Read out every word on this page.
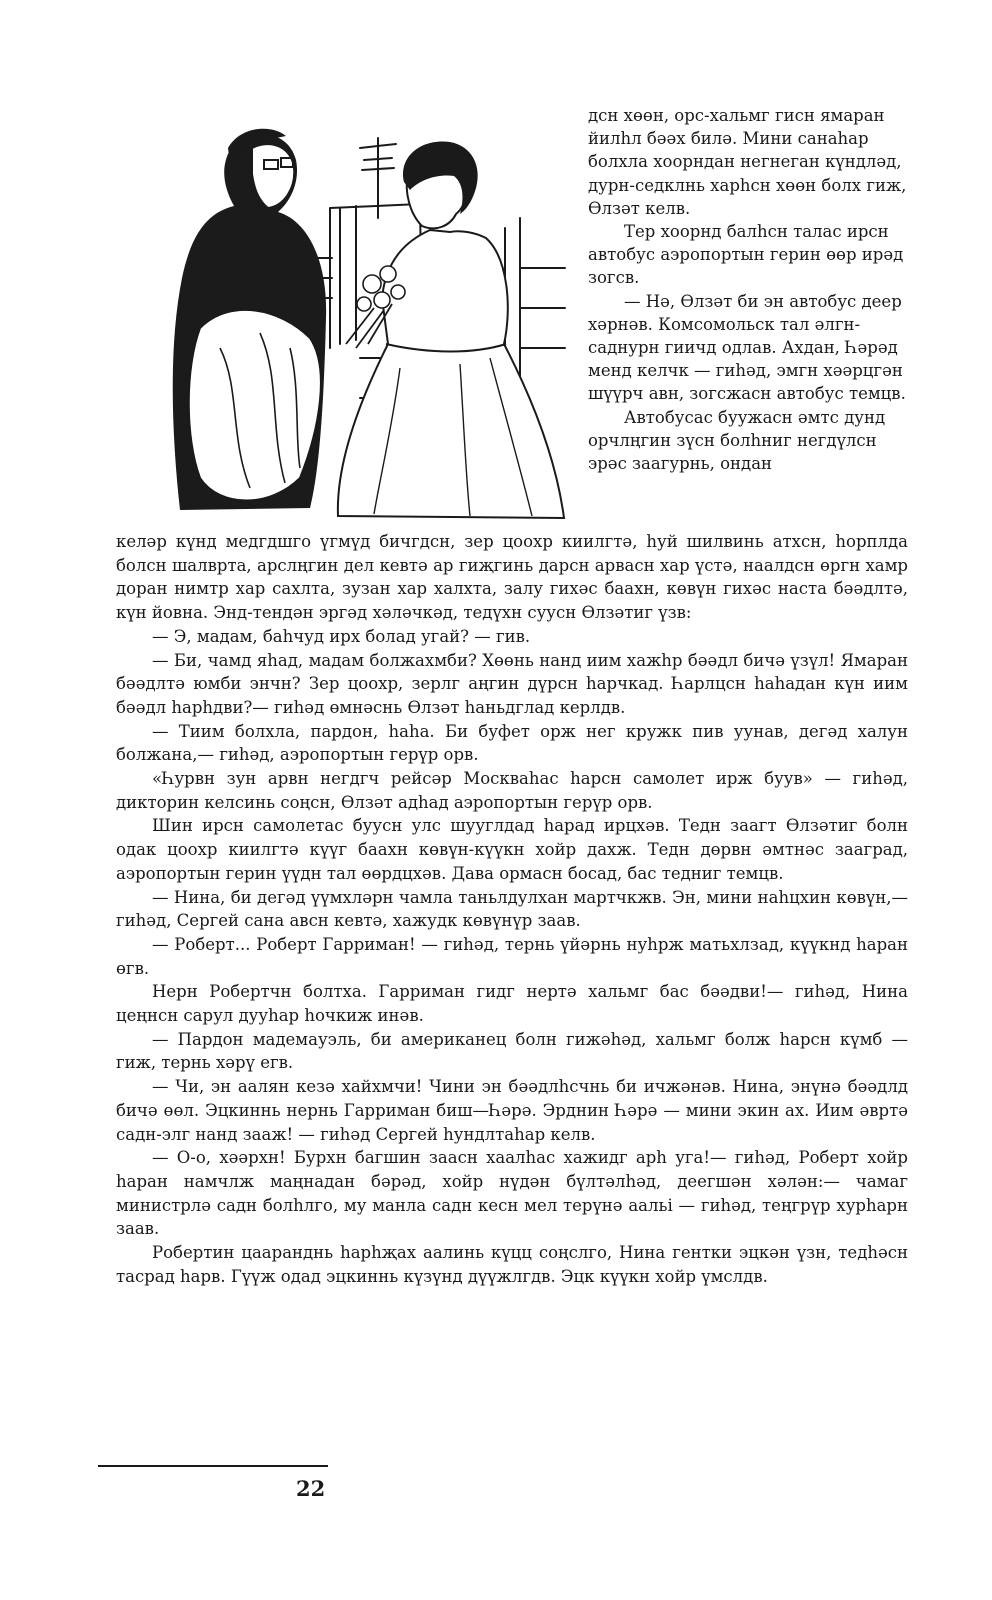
дсн хөөн, орс-хальмг гисн ямаран йилһл бәәх билә. Мини санаһар болхла хоорндан негнеган күндләд, дурн-седклнь харһсн хөөн болх гиж, Өлзәт келв.

Тер хоорнд балһсн талас ирсн автобус аэропортын герин өөр ирәд зогсв.

— Нә, Өлзәт би эн автобус деер хәрнәв. Комсомольск тал әлгн-саднурн гиичд одлав. Ахдан, Һәрәд менд келчк — гиһәд, эмгн хәәрцгән шүүрч авн, зогсжасн автобус темцв.

Автобусас буужасн әмтс дунд орчлңгин зүсн болһниг негдүлсн эрәс заагурнь, ондан

келәр күнд медгдшго үгмүд бичгдсн, зер цоохр киилгтә, һуй шилвинь атхсн, һорплда болсн шалврта, арслңгин дел кевтә ар гиҗгинь дарсн арвасн хар үстә, наалдсн өргн хамр доран нимтр хар сахлта, зузан хар халхта, залу гихәс баахн, көвүн гихәс наста бәәдлтә, күн йовна. Энд-тендән эргәд хәләчкәд, тедүхн суусн Өлзәтиг үзв:

— Э, мадам, баһчуд ирх болад угай? — гив.

— Би, чамд яһад, мадам болжахмби? Хөөнь нанд иим хажһр бәәдл бичә үзүл! Ямаран бәәдлтә юмби энчн? Зер цоохр, зерлг аңгин дүрсн һарчкад. Һарлцсн һаһадан күн иим бәәдл һарһдви?— гиһәд өмнәснь Өлзәт һаньдглад керлдв.

— Тиим болхла, пардон, һаһа. Би буфет орж нег кружк пив уунав, дегәд халун болжана,— гиһәд, аэропортын герүр орв.

«Һурвн зун арвн негдгч рейсәр Москваһас һарсн самолет ирж буув» — гиһәд, дикторин келсинь соңсн, Өлзәт адһад аэропортын герүр орв.

Шин ирсн самолетас буусн улс шууглдад һарад ирцхәв. Тедн заагт Өлзәтиг болн одак цоохр киилгтә күүг баахн көвүн-күүкн хойр дахж. Тедн дөрвн әмтнәс зааград, аэропортын герин үүдн тал өөрдцхәв. Дава ормасн босад, бас тедниг темцв.

— Нина, би дегәд үүмхләрн чамла таньлдулхан мартчкжв. Эн, мини наһцхин көвүн,— гиһәд, Сергей сана авсн кевтә, хажудк көвүнүр заав.

— Роберт... Роберт Гарриман! — гиһәд, тернь үйәрнь нуһрж матьхлзад, күүкнд һаран өгв.

Нерн Робертчн болтха. Гарриман гидг нертә хальмг бас бәәдви!— гиһәд, Нина цеңнсн сарул дууһар һочкиж инәв.

— Пардон мадемауэль, би американец болн гижәһәд, хальмг болж һарсн күмб — гиж, тернь хәрү егв.

— Чи, эн аалян кезә хайхмчи! Чини эн бәәдлһсчнь би ичжәнәв. Нина, энүнә бәәдлд бичә өөл. Эцкиннь нернь Гарриман биш—Һәрә. Эрднин Һәрә — мини экин ах. Иим әвртә садн-элг нанд зааж! — гиһәд Сергей һундлтаһар келв.

— О-о, хәәрхн! Бурхн багшин заасн хаалһас хажидг арһ уга!— гиһәд, Роберт хойр һаран намчлж маңнадан бәрәд, хойр нүдән бүлтәлһәд, деегшән хәлән:— чамаг министрлә садн болһлго, му манла садн кесн мел терүнә аальі — гиһәд, теңгрүр хурһарн заав.

Робертин цааранднь һарһҗах аалинь күцц соңслго, Нина гентки эцкән үзн, тедһәсн тасрад һарв. Гүүж одад эцкиннь күзүнд дүүжлгдв. Эцк күүкн хойр үмслдв.

22
